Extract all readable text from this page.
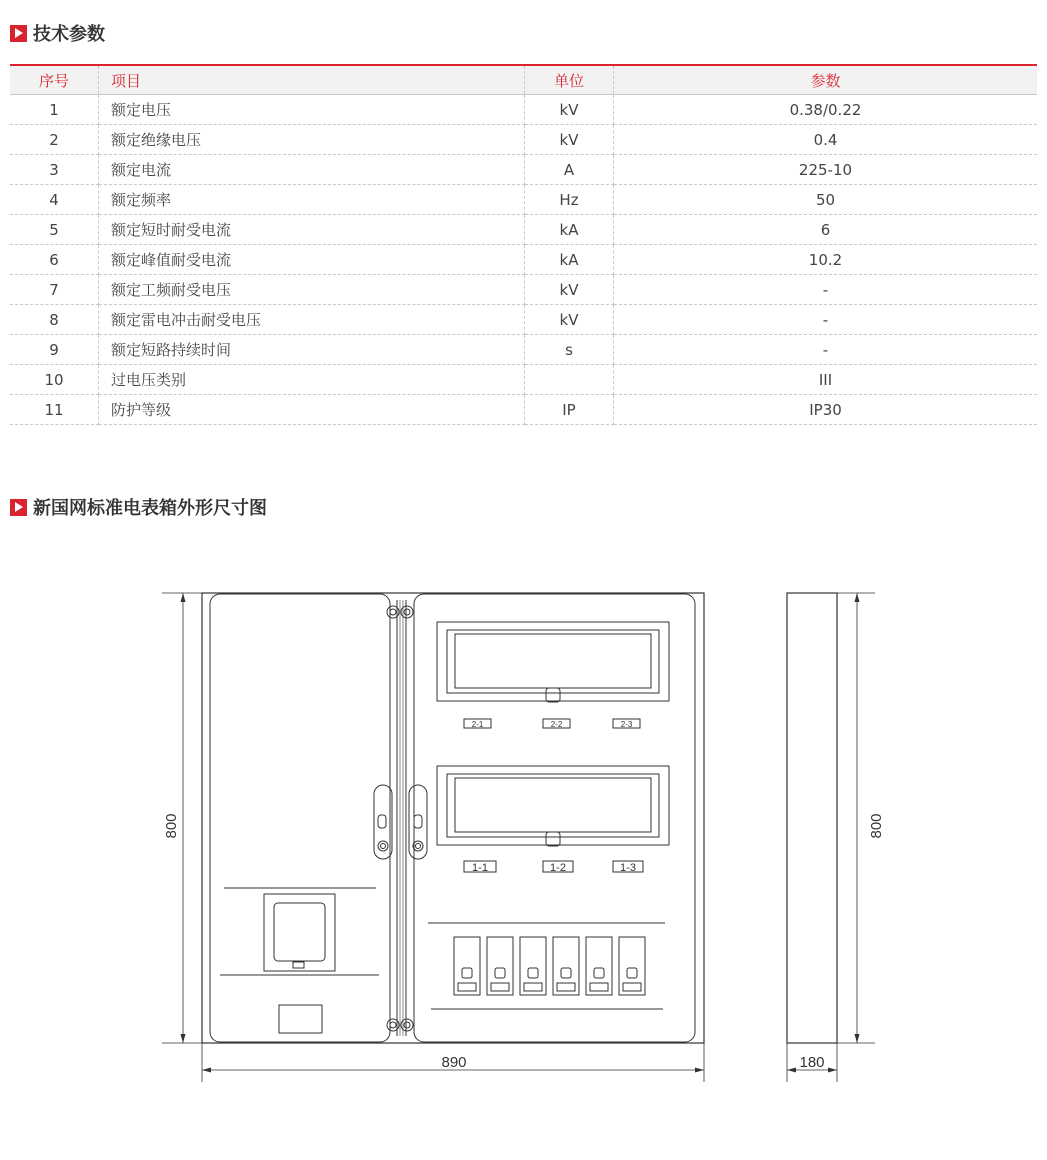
技术参数
序号	项目	单位	参数
1	额定电压	kV	0.38/0.22
2	额定绝缘电压	kV	0.4
3	额定电流	A	225-10
4	额定频率	Hz	50
5	额定短时耐受电流	kA	6
6	额定峰值耐受电流	kA	10.2
7	额定工频耐受电压	kV	-
8	额定雷电冲击耐受电压	kV	-
9	额定短路持续时间	s	-
10	过电压类别		III
11	防护等级	IP	IP30
新国网标准电表箱外形尺寸图
800	800
890	180
2-1	2-2	2-3
1-1	1-2	1-3
